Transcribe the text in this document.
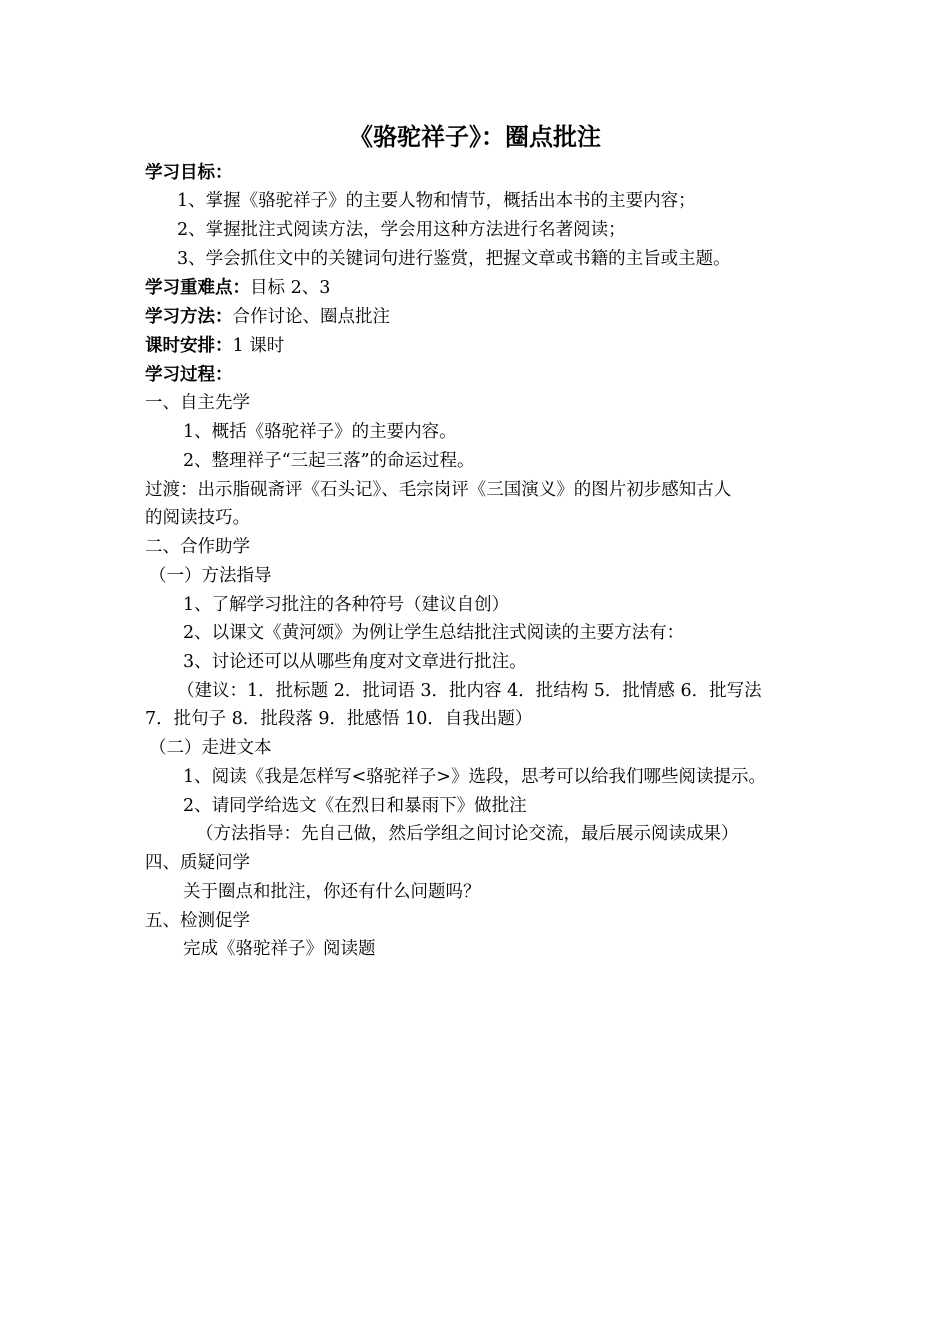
《骆驼祥子》：圈点批注
学习目标：
1、掌握《骆驼祥子》的主要人物和情节，概括出本书的主要内容；
2、掌握批注式阅读方法，学会用这种方法进行名著阅读；
3、学会抓住文中的关键词句进行鉴赏，把握文章或书籍的主旨或主题。
学习重难点：目标 2、3
学习方法：合作讨论、圈点批注
课时安排：1 课时
学习过程：
一、自主先学
1、概括《骆驼祥子》的主要内容。
2、整理祥子“三起三落”的命运过程。
过渡：出示脂砚斋评《石头记》、毛宗岗评《三国演义》的图片初步感知古人
的阅读技巧。
二、合作助学
（一）方法指导
1、了解学习批注的各种符号（建议自创）
2、以课文《黄河颂》为例让学生总结批注式阅读的主要方法有：
3、讨论还可以从哪些角度对文章进行批注。
（建议：1．批标题 2．批词语 3．批内容 4．批结构 5．批情感 6．批写法
7．批句子 8．批段落 9．批感悟 10．自我出题）
（二）走进文本
1、阅读《我是怎样写<骆驼祥子>》选段，思考可以给我们哪些阅读提示。
2、请同学给选文《在烈日和暴雨下》做批注
（方法指导：先自己做，然后学组之间讨论交流，最后展示阅读成果）
四、质疑问学
关于圈点和批注，你还有什么问题吗？
五、检测促学
完成《骆驼祥子》阅读题
